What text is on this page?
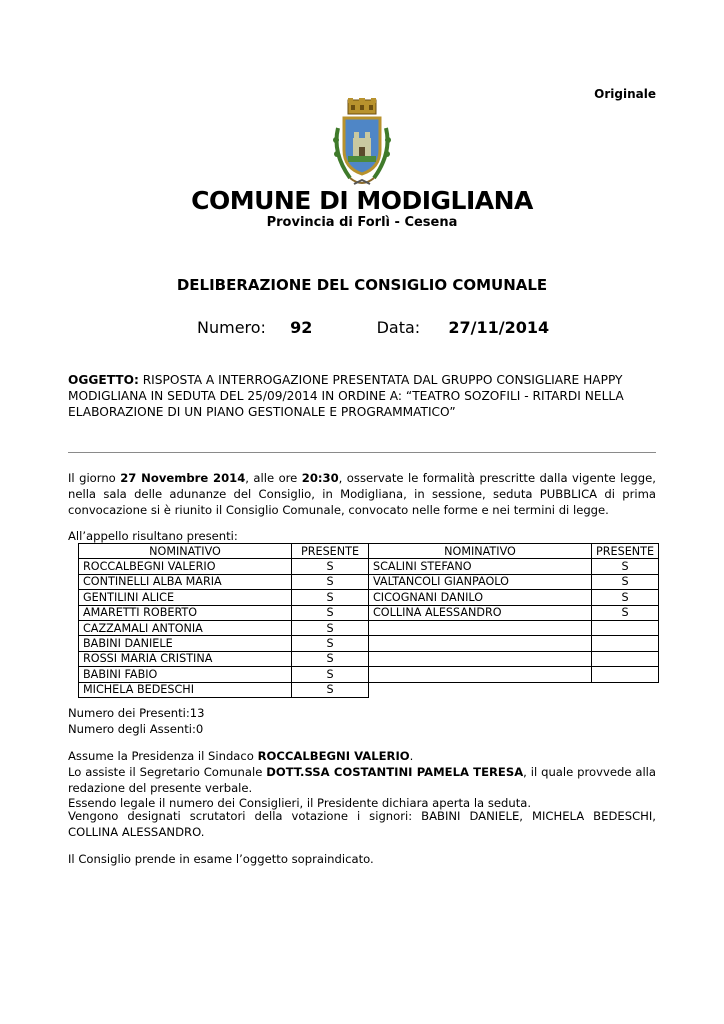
Originale
COMUNE DI MODIGLIANA
Provincia di Forlì - Cesena
DELIBERAZIONE DEL CONSIGLIO COMUNALE
Numero: 92	Data: 27/11/2014
OGGETTO: RISPOSTA A INTERROGAZIONE PRESENTATA DAL GRUPPO CONSIGLIARE HAPPY MODIGLIANA IN SEDUTA DEL 25/09/2014 IN ORDINE A: “TEATRO SOZOFILI - RITARDI NELLA ELABORAZIONE DI UN PIANO GESTIONALE E PROGRAMMATICO”
Il giorno 27 Novembre 2014, alle ore 20:30, osservate le formalità prescritte dalla vigente legge, nella sala delle adunanze del Consiglio, in Modigliana, in sessione, seduta PUBBLICA di prima convocazione si è riunito il Consiglio Comunale, convocato nelle forme e nei termini di legge.
All’appello risultano presenti:
NOMINATIVO	PRESENTE	NOMINATIVO	PRESENTE
ROCCALBEGNI VALERIO	S	SCALINI STEFANO	S
CONTINELLI ALBA MARIA	S	VALTANCOLI GIANPAOLO	S
GENTILINI ALICE	S	CICOGNANI DANILO	S
AMARETTI ROBERTO	S	COLLINA ALESSANDRO	S
CAZZAMALI ANTONIA	S		
BABINI DANIELE	S		
ROSSI MARIA CRISTINA	S		
BABINI FABIO	S		
MICHELA BEDESCHI	S		
Numero dei Presenti:13
Numero degli Assenti:0
Assume la Presidenza il Sindaco ROCCALBEGNI VALERIO.
Lo assiste il Segretario Comunale DOTT.SSA COSTANTINI PAMELA TERESA, il quale provvede alla redazione del presente verbale.
Essendo legale il numero dei Consiglieri, il Presidente dichiara aperta la seduta.
Vengono designati scrutatori della votazione i signori: BABINI DANIELE, MICHELA BEDESCHI, COLLINA ALESSANDRO.
Il Consiglio prende in esame l’oggetto sopraindicato.
